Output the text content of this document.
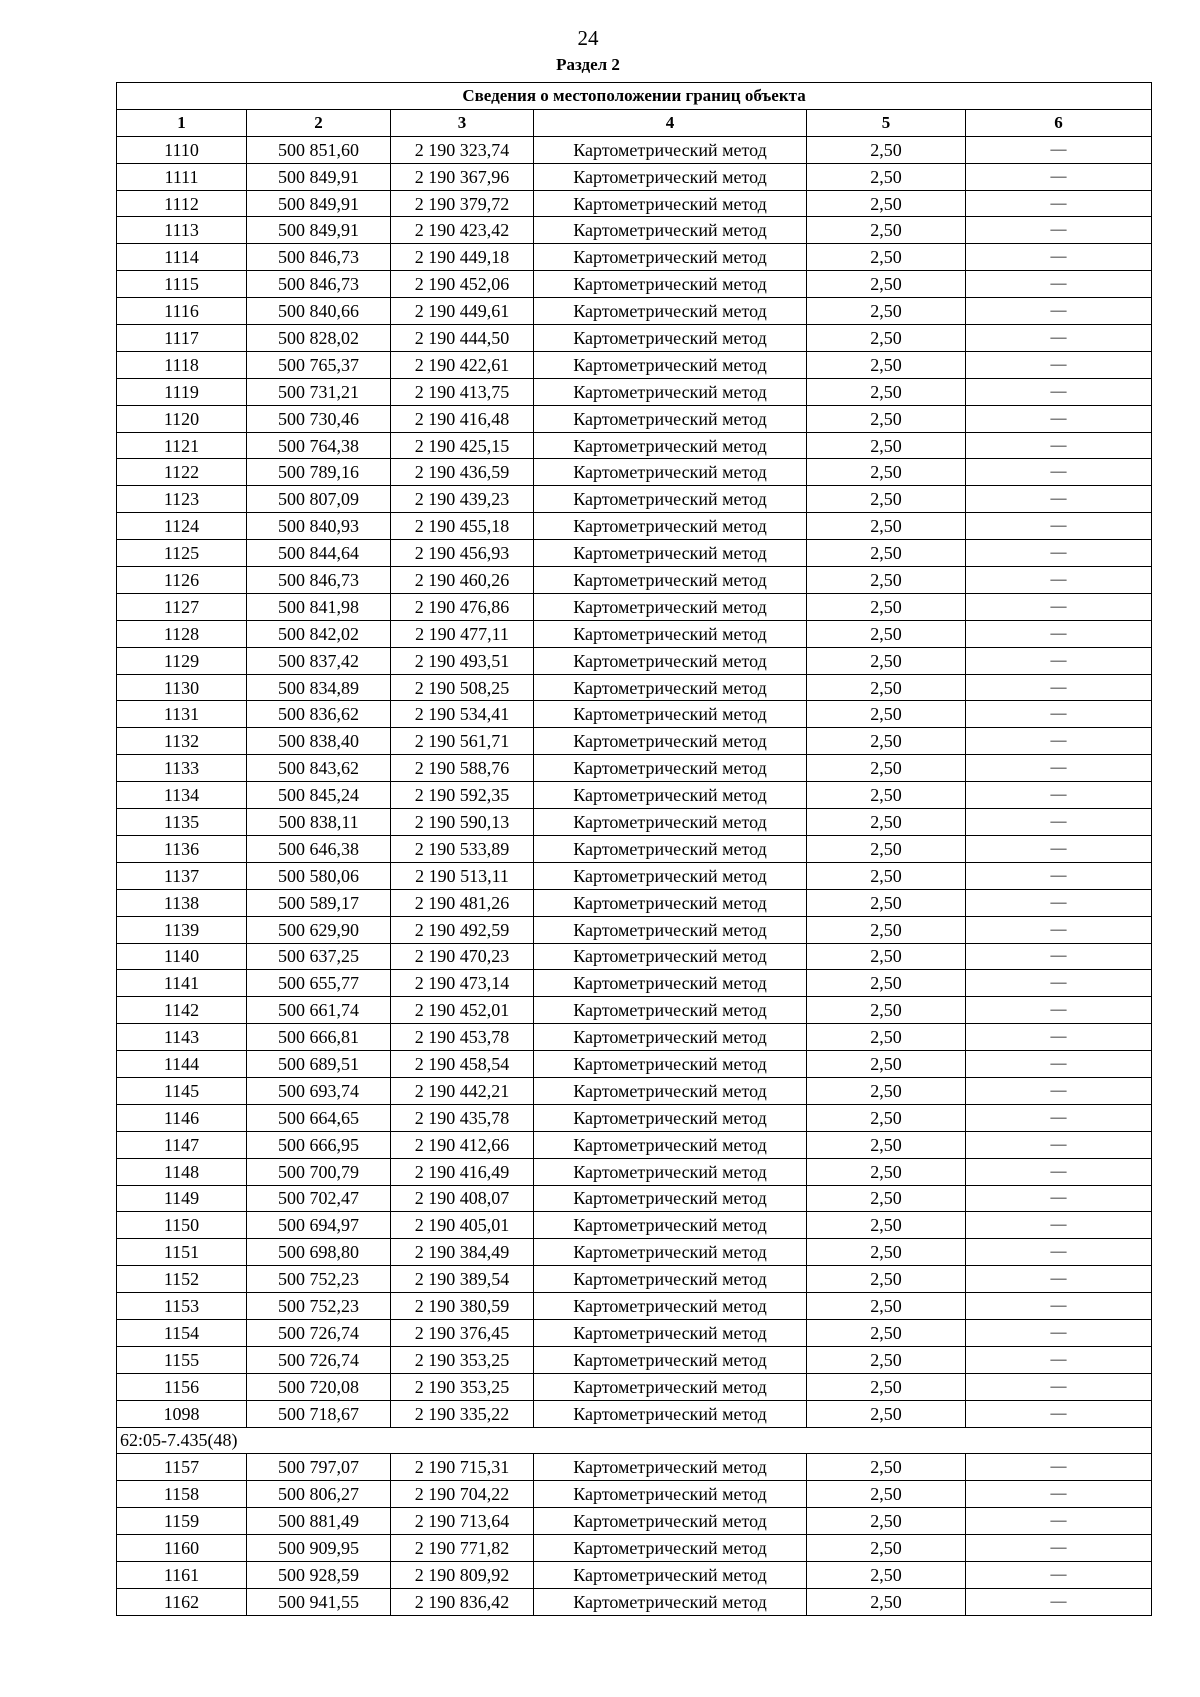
24
Раздел 2
Сведения о местоположении границ объекта					
1	2	3	4	5	6
1110	500 851,60	2 190 323,74	Картометрический метод	2,50	—
1111	500 849,91	2 190 367,96	Картометрический метод	2,50	—
1112	500 849,91	2 190 379,72	Картометрический метод	2,50	—
1113	500 849,91	2 190 423,42	Картометрический метод	2,50	—
1114	500 846,73	2 190 449,18	Картометрический метод	2,50	—
1115	500 846,73	2 190 452,06	Картометрический метод	2,50	—
1116	500 840,66	2 190 449,61	Картометрический метод	2,50	—
1117	500 828,02	2 190 444,50	Картометрический метод	2,50	—
1118	500 765,37	2 190 422,61	Картометрический метод	2,50	—
1119	500 731,21	2 190 413,75	Картометрический метод	2,50	—
1120	500 730,46	2 190 416,48	Картометрический метод	2,50	—
1121	500 764,38	2 190 425,15	Картометрический метод	2,50	—
1122	500 789,16	2 190 436,59	Картометрический метод	2,50	—
1123	500 807,09	2 190 439,23	Картометрический метод	2,50	—
1124	500 840,93	2 190 455,18	Картометрический метод	2,50	—
1125	500 844,64	2 190 456,93	Картометрический метод	2,50	—
1126	500 846,73	2 190 460,26	Картометрический метод	2,50	—
1127	500 841,98	2 190 476,86	Картометрический метод	2,50	—
1128	500 842,02	2 190 477,11	Картометрический метод	2,50	—
1129	500 837,42	2 190 493,51	Картометрический метод	2,50	—
1130	500 834,89	2 190 508,25	Картометрический метод	2,50	—
1131	500 836,62	2 190 534,41	Картометрический метод	2,50	—
1132	500 838,40	2 190 561,71	Картометрический метод	2,50	—
1133	500 843,62	2 190 588,76	Картометрический метод	2,50	—
1134	500 845,24	2 190 592,35	Картометрический метод	2,50	—
1135	500 838,11	2 190 590,13	Картометрический метод	2,50	—
1136	500 646,38	2 190 533,89	Картометрический метод	2,50	—
1137	500 580,06	2 190 513,11	Картометрический метод	2,50	—
1138	500 589,17	2 190 481,26	Картометрический метод	2,50	—
1139	500 629,90	2 190 492,59	Картометрический метод	2,50	—
1140	500 637,25	2 190 470,23	Картометрический метод	2,50	—
1141	500 655,77	2 190 473,14	Картометрический метод	2,50	—
1142	500 661,74	2 190 452,01	Картометрический метод	2,50	—
1143	500 666,81	2 190 453,78	Картометрический метод	2,50	—
1144	500 689,51	2 190 458,54	Картометрический метод	2,50	—
1145	500 693,74	2 190 442,21	Картометрический метод	2,50	—
1146	500 664,65	2 190 435,78	Картометрический метод	2,50	—
1147	500 666,95	2 190 412,66	Картометрический метод	2,50	—
1148	500 700,79	2 190 416,49	Картометрический метод	2,50	—
1149	500 702,47	2 190 408,07	Картометрический метод	2,50	—
1150	500 694,97	2 190 405,01	Картометрический метод	2,50	—
1151	500 698,80	2 190 384,49	Картометрический метод	2,50	—
1152	500 752,23	2 190 389,54	Картометрический метод	2,50	—
1153	500 752,23	2 190 380,59	Картометрический метод	2,50	—
1154	500 726,74	2 190 376,45	Картометрический метод	2,50	—
1155	500 726,74	2 190 353,25	Картометрический метод	2,50	—
1156	500 720,08	2 190 353,25	Картометрический метод	2,50	—
1098	500 718,67	2 190 335,22	Картометрический метод	2,50	—
62:05-7.435(48)					
1157	500 797,07	2 190 715,31	Картометрический метод	2,50	—
1158	500 806,27	2 190 704,22	Картометрический метод	2,50	—
1159	500 881,49	2 190 713,64	Картометрический метод	2,50	—
1160	500 909,95	2 190 771,82	Картометрический метод	2,50	—
1161	500 928,59	2 190 809,92	Картометрический метод	2,50	—
1162	500 941,55	2 190 836,42	Картометрический метод	2,50	—
